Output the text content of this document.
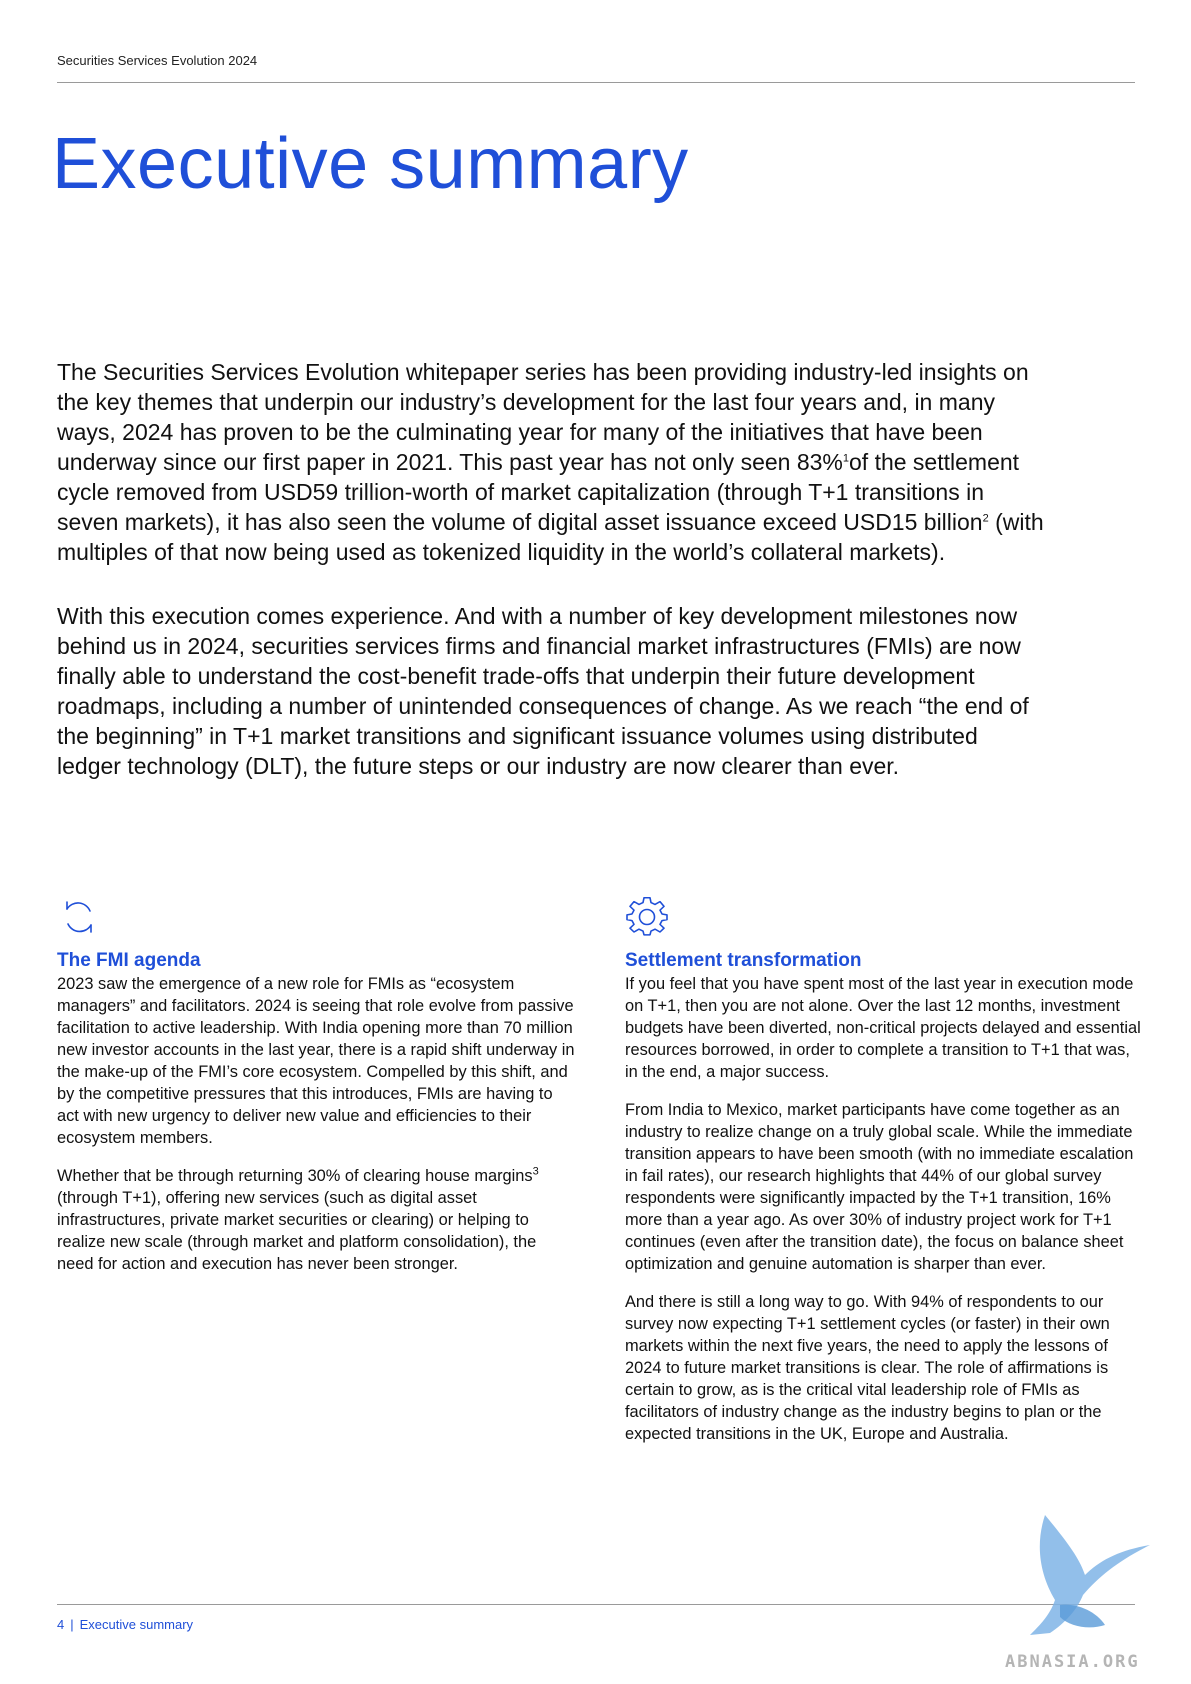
Securities Services Evolution 2024
Executive summary

The Securities Services Evolution whitepaper series has been providing industry-led insights on the key themes that underpin our industry’s development for the last four years and, in many ways, 2024 has proven to be the culminating year for many of the initiatives that have been underway since our first paper in 2021. This past year has not only seen 83%$^1$of the settlement cycle removed from USD59 trillion-worth of market capitalization (through T+1 transitions in seven markets), it has also seen the volume of digital asset issuance exceed USD15 billion$^2$ (with multiples of that now being used as tokenized liquidity in the world’s collateral markets).

With this execution comes experience. And with a number of key development milestones now behind us in 2024, securities services firms and financial market infrastructures (FMIs) are now finally able to understand the cost-benefit trade-offs that underpin their future development roadmaps, including a number of unintended consequences of change. As we reach “the end of the beginning” in T+1 market transitions and significant issuance volumes using distributed ledger technology (DLT), the future steps or our industry are now clearer than ever.

The FMI agenda

2023 saw the emergence of a new role for FMIs as “ecosystem managers” and facilitators. 2024 is seeing that role evolve from passive facilitation to active leadership. With India opening more than 70 million new investor accounts in the last year, there is a rapid shift underway in the make-up of the FMI’s core ecosystem. Compelled by this shift, and by the competitive pressures that this introduces, FMIs are having to act with new urgency to deliver new value and efficiencies to their ecosystem members.

Whether that be through returning 30% of clearing house margins$^3$ (through T+1), offering new services (such as digital asset infrastructures, private market securities or clearing) or helping to realize new scale (through market and platform consolidation), the need for action and execution has never been stronger.

Settlement transformation

If you feel that you have spent most of the last year in execution mode on T+1, then you are not alone. Over the last 12 months, investment budgets have been diverted, non-critical projects delayed and essential resources borrowed, in order to complete a transition to T+1 that was, in the end, a major success.

From India to Mexico, market participants have come together as an industry to realize change on a truly global scale. While the immediate transition appears to have been smooth (with no immediate escalation in fail rates), our research highlights that 44% of our global survey respondents were significantly impacted by the T+1 transition, 16% more than a year ago. As over 30% of industry project work for T+1 continues (even after the transition date), the focus on balance sheet optimization and genuine automation is sharper than ever.

And there is still a long way to go. With 94% of respondents to our survey now expecting T+1 settlement cycles (or faster) in their own markets within the next five years, the need to apply the lessons of 2024 to future market transitions is clear. The role of affirmations is certain to grow, as is the critical vital leadership role of FMIs as facilitators of industry change as the industry begins to plan or the expected transitions in the UK, Europe and Australia.

4 | Executive summary
ABNASIA.ORG
